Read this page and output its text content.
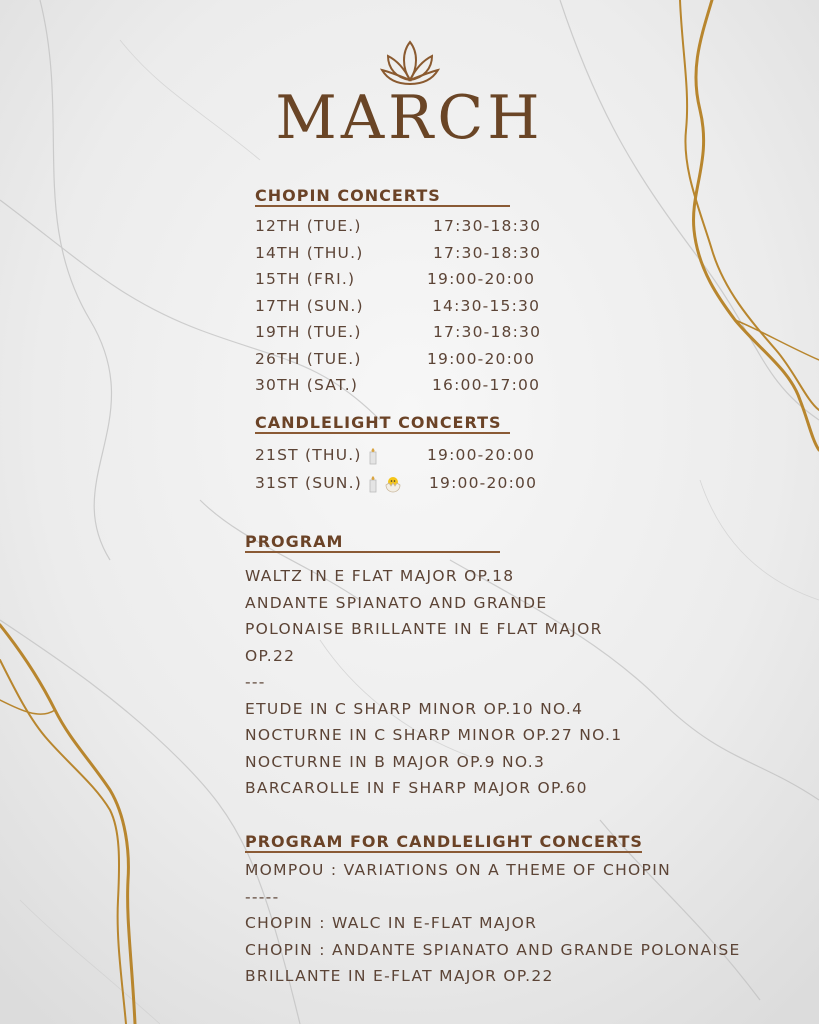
MARCH
CHOPIN CONCERTS
12TH (TUE.)	17:30-18:30
14TH (THU.)	17:30-18:30
15TH (FRI.)	19:00-20:00
17TH (SUN.)	14:30-15:30
19TH (TUE.)	17:30-18:30
26TH (TUE.)	19:00-20:00
30TH (SAT.)	16:00-17:00
CANDLELIGHT CONCERTS
21ST (THU.)	19:00-20:00
31ST (SUN.)	19:00-20:00
PROGRAM
WALTZ IN E FLAT MAJOR OP.18
ANDANTE SPIANATO AND GRANDE
POLONAISE BRILLANTE IN E FLAT MAJOR
OP.22
---
ETUDE IN C SHARP MINOR OP.10 NO.4
NOCTURNE IN C SHARP MINOR OP.27 NO.1
NOCTURNE IN B MAJOR OP.9 NO.3
BARCAROLLE IN F SHARP MAJOR OP.60
PROGRAM FOR CANDLELIGHT CONCERTS
MOMPOU : VARIATIONS ON A THEME OF CHOPIN
-----
CHOPIN : WALC IN E-FLAT MAJOR
CHOPIN : ANDANTE SPIANATO AND GRANDE POLONAISE
BRILLANTE IN E-FLAT MAJOR OP.22
